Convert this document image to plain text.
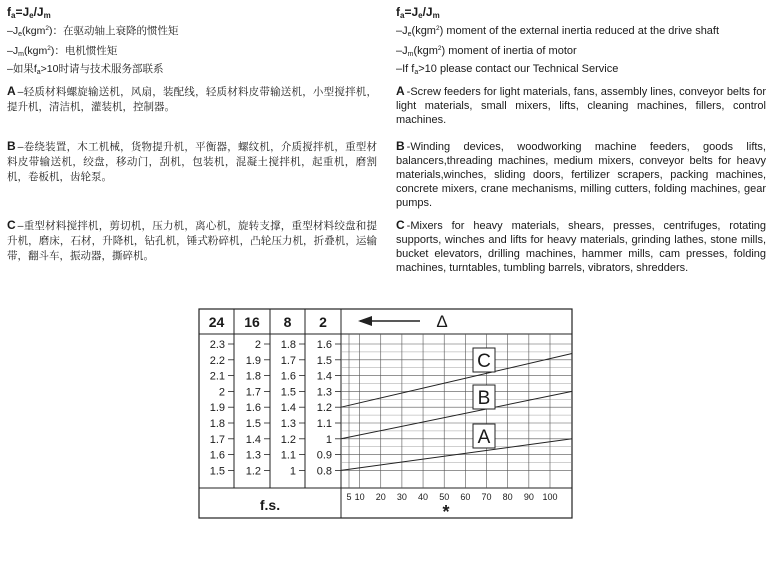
$f_a=J_e/J_m$
$-J_e(kgm^2)$：在驱动轴上衰降的惯性矩
$-J_m(kgm^2)$：电机惯性矩
–如果$f_a>10$时请与技术服务部联系
A –轻质材料螺旋输送机，风扇，装配线，轻质材料皮带输送机，小型搅拌机，提升机，清洁机，灌装机，控制器。
B –卷绕装置，木工机械，货物提升机，平衡器，螺纹机，介质搅拌机，重型材料皮带输送机，绞盘，移动门，刮机，包装机，混凝土搅拌机，起重机，磨割机，卷板机，齿轮泵。
C –重型材料搅拌机，剪切机，压力机，离心机，旋转支撑，重型材料绞盘和提升机，磨床，石材，升降机，钻孔机，锤式粉碎机，凸轮压力机，折叠机，运输带，翻斗车，振动器，撕碎机。
$f_a=J_e/J_m$
$-J_e(kgm^2)$ moment of the external inertia reduced at the drive shaft
$-J_m(kgm^2)$ moment of inertia of motor
–If $f_a>10$ please contact our Technical Service
A -Screw feeders for light materials, fans, assembly lines, conveyor belts for light materials, small mixers, lifts, cleaning machines, fillers, control machines.
B -Winding devices, woodworking machine feeders, goods lifts, balancers,threading machines, medium mixers, conveyor belts for heavy materials,winches, sliding doors, fertilizer scrapers, packing machines, concrete mixers, crane mechanisms, milling cutters, folding machines, gear pumps.
C -Mixers for heavy materials, shears, presses, centrifuges, rotating supports, winches and lifts for heavy materials, grinding lathes, stone mills, bucket elevators, drilling machines, hammer mills, cam presses, folding machines, turntables, tumbling barrels, vibrators, shredders.
24 16 8 2	Δ
2.3	2 1.8 1.6
2.2 1.9 1.7 1.5
2.1 1.8 1.6 1.4
2 1.7 1.5 1.3
1.9 1.6 1.4 1.2
1.8 1.5 1.3 1.1
1.7 1.4 1.2	1
1.6 1.3 1.1 0.9
1.5 1.2	1 0.8
5 10 20 30 40 50 60 70 80 90 100
f.s.	*
A
B
C
